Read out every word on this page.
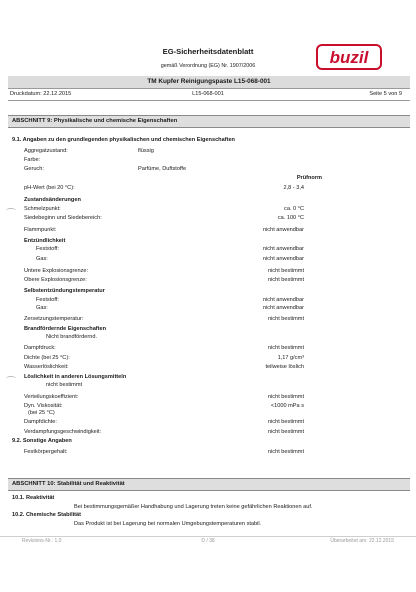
EG-Sicherheitsdatenblatt
gemäß Verordnung (EG) Nr. 1907/2006	buzil
TM Kupfer Reinigungspaste L15-068-001
Druckdatum: 22.12.2015	L15-068-001	Seite 5 von 9
ABSCHNITT 9: Physikalische und chemische Eigenschaften
9.1. Angaben zu den grundlegenden physikalischen und chemischen Eigenschaften
Aggregatzustand:	flüssig
Farbe:
Geruch:	Parfüme, Duftstoffe
Prüfnorm
pH-Wert (bei 20 °C):	2,8 - 3,4
Zustandsänderungen
Schmelzpunkt:	ca. 0 °C
Siedebeginn und Siedebereich:	ca. 100 °C
Flammpunkt:	nicht anwendbar
Entzündlichkeit
Feststoff:	nicht anwendbar
Gas:	nicht anwendbar
Untere Explosionsgrenze:	nicht bestimmt
Obere Explosionsgrenze:	nicht bestimmt
Selbstentzündungstemperatur
Feststoff:	nicht anwendbar
Gas:	nicht anwendbar
Zersetzungstemperatur:	nicht bestimmt
Brandfördernde Eigenschaften
Nicht brandfördernd.
Dampfdruck:	nicht bestimmt
Dichte (bei 25 °C):	1,17 g/cm³
Wasserlöslichkeit:	teilweise löslich
Löslichkeit in anderen Lösungsmitteln
nicht bestimmt
Verteilungskoeffizient:	nicht bestimmt
Dyn. Viskosität:	<1000 mPa s
(bei 25 °C)
Dampfdichte:	nicht bestimmt
Verdampfungsgeschwindigkeit:	nicht bestimmt
9.2. Sonstige Angaben
Festkörpergehalt:	nicht bestimmt
ABSCHNITT 10: Stabilität und Reaktivität
10.1. Reaktivität
Bei bestimmungsgemäßer Handhabung und Lagerung treten keine gefährlichen Reaktionen auf.
10.2. Chemische Stabilität
Das Produkt ist bei Lagerung bei normalen Umgebungstemperaturen stabil.
Revisions-Nr.: 1,0	D / 38	Überarbeitet am: 22.12.2015
